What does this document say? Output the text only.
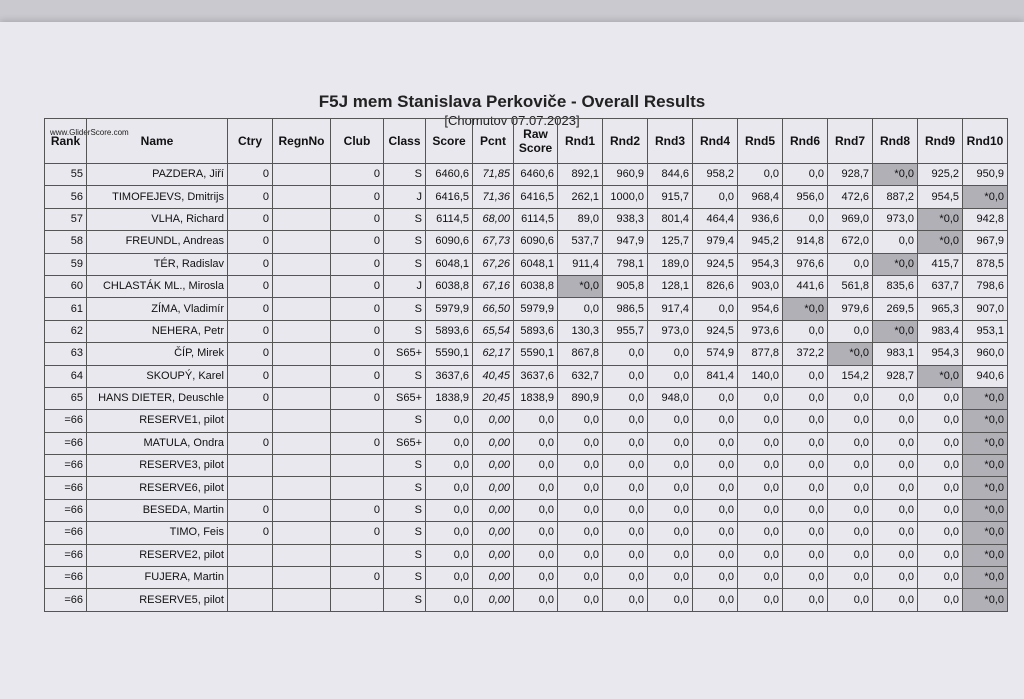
F5J mem Stanislava Perkoviče - Overall Results
[Chomutov 07.07.2023]
www.GliderScore.com
Rank	Name	Ctry	RegnNo	Club	Class	Score	Pcnt	Raw Score	Rnd1	Rnd2	Rnd3	Rnd4	Rnd5	Rnd6	Rnd7	Rnd8	Rnd9	Rnd10
55	PAZDERA, Jiří	0		0	S	6460,6	71,85	6460,6	892,1	960,9	844,6	958,2	0,0	0,0	928,7	*0,0	925,2	950,9
56	TIMOFEJEVS, Dmitrijs	0		0	J	6416,5	71,36	6416,5	262,1	1000,0	915,7	0,0	968,4	956,0	472,6	887,2	954,5	*0,0
57	VLHA, Richard	0		0	S	6114,5	68,00	6114,5	89,0	938,3	801,4	464,4	936,6	0,0	969,0	973,0	*0,0	942,8
58	FREUNDL, Andreas	0		0	S	6090,6	67,73	6090,6	537,7	947,9	125,7	979,4	945,2	914,8	672,0	0,0	*0,0	967,9
59	TÉR, Radislav	0		0	S	6048,1	67,26	6048,1	911,4	798,1	189,0	924,5	954,3	976,6	0,0	*0,0	415,7	878,5
60	CHLASTÁK ML., Mirosla	0		0	J	6038,8	67,16	6038,8	*0,0	905,8	128,1	826,6	903,0	441,6	561,8	835,6	637,7	798,6
61	ZÍMA, Vladimír	0		0	S	5979,9	66,50	5979,9	0,0	986,5	917,4	0,0	954,6	*0,0	979,6	269,5	965,3	907,0
62	NEHERA, Petr	0		0	S	5893,6	65,54	5893,6	130,3	955,7	973,0	924,5	973,6	0,0	0,0	*0,0	983,4	953,1
63	ČÍP, Mirek	0		0	S65+	5590,1	62,17	5590,1	867,8	0,0	0,0	574,9	877,8	372,2	*0,0	983,1	954,3	960,0
64	SKOUPÝ, Karel	0		0	S	3637,6	40,45	3637,6	632,7	0,0	0,0	841,4	140,0	0,0	154,2	928,7	*0,0	940,6
65	HANS DIETER, Deuschle	0		0	S65+	1838,9	20,45	1838,9	890,9	0,0	948,0	0,0	0,0	0,0	0,0	0,0	0,0	*0,0
=66	RESERVE1, pilot				S	0,0	0,00	0,0	0,0	0,0	0,0	0,0	0,0	0,0	0,0	0,0	0,0	*0,0
=66	MATULA, Ondra	0		0	S65+	0,0	0,00	0,0	0,0	0,0	0,0	0,0	0,0	0,0	0,0	0,0	0,0	*0,0
=66	RESERVE3, pilot				S	0,0	0,00	0,0	0,0	0,0	0,0	0,0	0,0	0,0	0,0	0,0	0,0	*0,0
=66	RESERVE6, pilot				S	0,0	0,00	0,0	0,0	0,0	0,0	0,0	0,0	0,0	0,0	0,0	0,0	*0,0
=66	BESEDA, Martin	0		0	S	0,0	0,00	0,0	0,0	0,0	0,0	0,0	0,0	0,0	0,0	0,0	0,0	*0,0
=66	TIMO, Feis	0		0	S	0,0	0,00	0,0	0,0	0,0	0,0	0,0	0,0	0,0	0,0	0,0	0,0	*0,0
=66	RESERVE2, pilot				S	0,0	0,00	0,0	0,0	0,0	0,0	0,0	0,0	0,0	0,0	0,0	0,0	*0,0
=66	FUJERA, Martin			0	S	0,0	0,00	0,0	0,0	0,0	0,0	0,0	0,0	0,0	0,0	0,0	0,0	*0,0
=66	RESERVE5, pilot				S	0,0	0,00	0,0	0,0	0,0	0,0	0,0	0,0	0,0	0,0	0,0	0,0	*0,0
